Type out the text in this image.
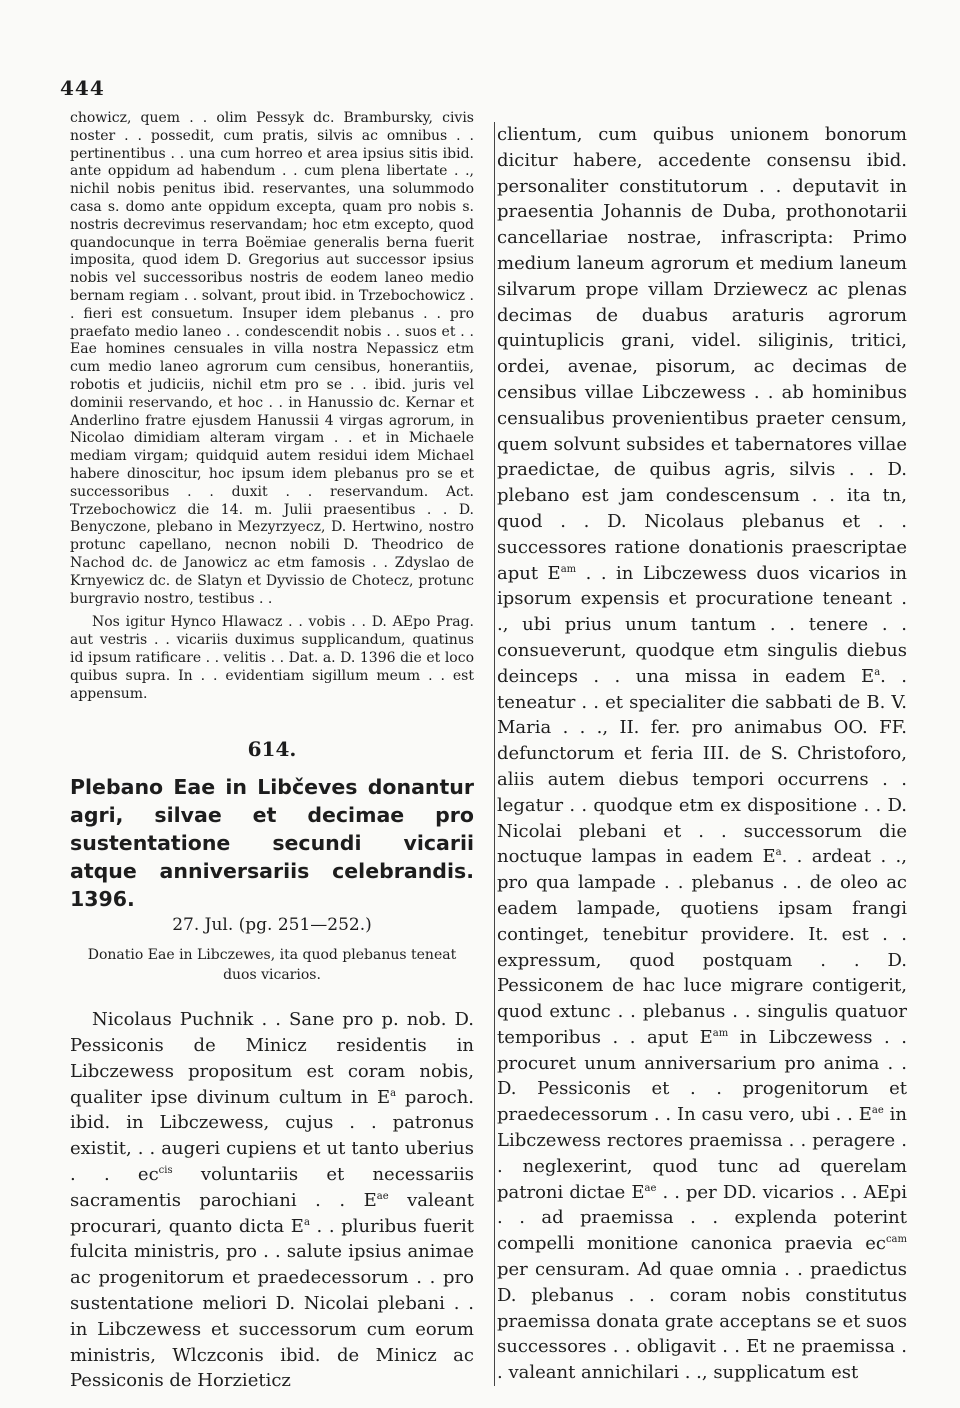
444

chowicz, quem . . olim Pessyk dc. Brambursky, civis noster . . possedit, cum pratis, silvis ac omnibus . . pertinentibus . . una cum horreo et area ipsius sitis ibid. ante oppidum ad habendum . . cum plena libertate . ., nichil nobis penitus ibid. reservantes, una solummodo casa s. domo ante oppidum excepta, quam pro nobis s. nostris decrevimus reservandam; hoc etm excepto, quod quandocunque in terra Boëmiae generalis berna fuerit imposita, quod idem D. Gregorius aut successor ipsius nobis vel successoribus nostris de eodem laneo medio bernam regiam . . solvant, prout ibid. in Trzebochowicz . . fieri est consuetum. Insuper idem plebanus . . pro praefato medio laneo . . condescendit nobis . . suos et . . Eae homines censuales in villa nostra Nepassicz etm cum medio laneo agrorum cum censibus, honerantiis, robotis et judiciis, nichil etm pro se . . ibid. juris vel dominii reservando, et hoc . . in Hanussio dc. Kernar et Anderlino fratre ejusdem Hanussii 4 virgas agrorum, in Nicolao dimidiam alteram virgam . . et in Michaele mediam virgam; quidquid autem residui idem Michael habere dinoscitur, hoc ipsum idem plebanus pro se et successoribus . . duxit . . reservandum. Act. Trzebochowicz die 14. m. Julii praesentibus . . D. Benyczone, plebano in Mezyrzyecz, D. Hertwino, nostro protunc capellano, necnon nobili D. Theodrico de Nachod dc. de Janowicz ac etm famosis . . Zdyslao de Krnyewicz dc. de Slatyn et Dyvissio de Chotecz, protunc burgravio nostro, testibus . .

Nos igitur Hynco Hlawacz . . vobis . . D. AEpo Prag. aut vestris . . vicariis duximus supplicandum, quatinus id ipsum ratificare . . velitis . . Dat. a. D. 1396 die et loco quibus supra. In . . evidentiam sigillum meum . . est appensum.

614.

Plebano Eae in Libčeves donantur agri, silvae et decimae pro sustentatione secundi vicarii atque anniversariis celebrandis. 1396.

27. Jul. (pg. 251—252.)

Donatio Eae in Libczewes, ita quod plebanus teneat duos vicarios.

Nicolaus Puchnik . . Sane pro p. nob. D. Pessiconis de Minicz residentis in Libczewess propositum est coram nobis, qualiter ipse divinum cultum in $E^a$ paroch. ibid. in Libczewess, cujus . . patronus existit, . . augeri cupiens et ut tanto uberius . . $ec^{cis}$ voluntariis et necessariis sacramentis parochiani . . $E^{ae}$ valeant procurari, quanto dicta $E^a$ . . pluribus fuerit fulcita ministris, pro . . salute ipsius animae ac progenitorum et praedecessorum . . pro sustentatione meliori D. Nicolai plebani . . in Libczewess et successorum cum eorum ministris, Wlczconis ibid. de Minicz ac Pessiconis de Horzieticz

clientum, cum quibus unionem bonorum dicitur habere, accedente consensu ibid. personaliter constitutorum . . deputavit in praesentia Johannis de Duba, prothonotarii cancellariae nostrae, infrascripta: Primo medium laneum agrorum et medium laneum silvarum prope villam Drziewecz ac plenas decimas de duabus araturis agrorum quintuplicis grani, videl. siliginis, tritici, ordei, avenae, pisorum, ac decimas de censibus villae Libczewess . . ab hominibus censualibus provenientibus praeter censum, quem solvunt subsides et tabernatores villae praedictae, de quibus agris, silvis . . D. plebano est jam condescensum . . ita tn, quod . . D. Nicolaus plebanus et . . successores ratione donationis praescriptae aput $E^{am}$ . . in Libczewess duos vicarios in ipsorum expensis et procuratione teneant . ., ubi prius unum tantum . . tenere . . consueverunt, quodque etm singulis diebus deinceps . . una missa in eadem $E^a$. . teneatur . . et specialiter die sabbati de B. V. Maria . . ., II. fer. pro animabus OO. FF. defunctorum et feria III. de S. Christoforo, aliis autem diebus tempori occurrens . . legatur . . quodque etm ex dispositione . . D. Nicolai plebani et . . successorum die noctuque lampas in eadem $E^a$. . ardeat . ., pro qua lampade . . plebanus . . de oleo ac eadem lampade, quotiens ipsam frangi continget, tenebitur providere. It. est . . expressum, quod postquam . . D. Pessiconem de hac luce migrare contigerit, quod extunc . . plebanus . . singulis quatuor temporibus . . aput $E^{am}$ in Libczewess . . procuret unum anniversarium pro anima . . D. Pessiconis et . . progenitorum et praedecessorum . . In casu vero, ubi . . $E^{ae}$ in Libczewess rectores praemissa . . peragere . . neglexerint, quod tunc ad querelam patroni dictae $E^{ae}$ . . per DD. vicarios . . AEpi . . ad praemissa . . explenda poterint compelli monitione canonica praevia $ec^{cam}$ per censuram. Ad quae omnia . . praedictus D. plebanus . . coram nobis constitutus praemissa donata grate acceptans se et suos successores . . obligavit . . Et ne praemissa . . valeant annichilari . ., supplicatum est
